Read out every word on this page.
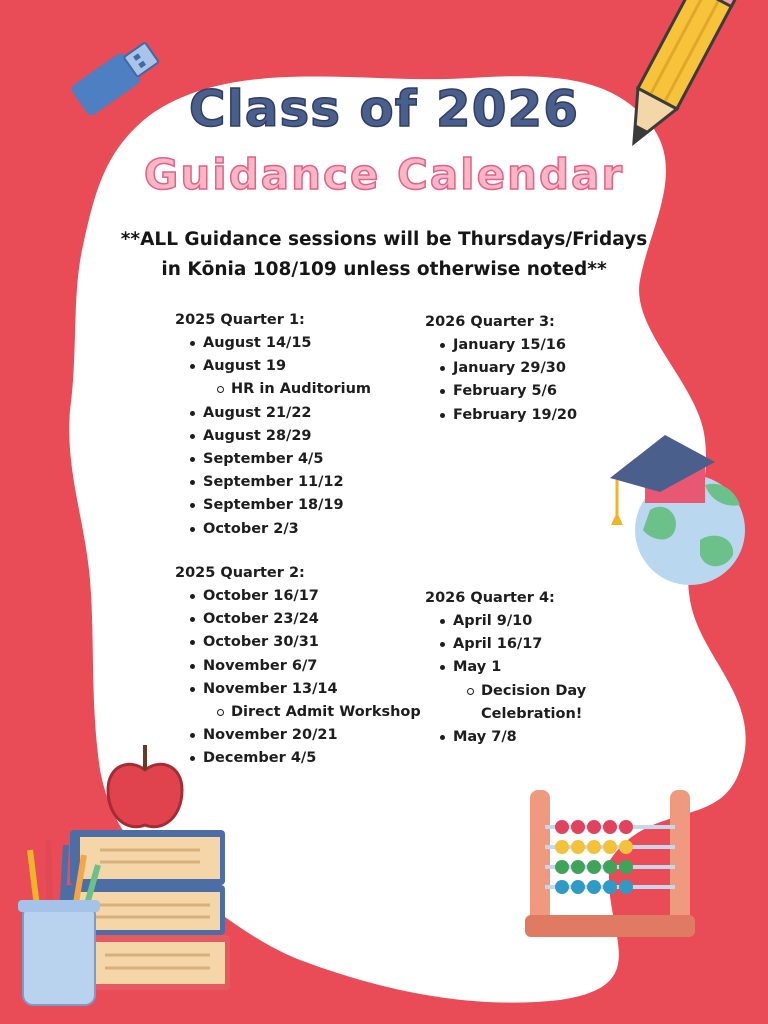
Class of 2026
Guidance Calendar
**ALL Guidance sessions will be Thursdays/Fridays
in Kōnia 108/109 unless otherwise noted**
2025 Quarter 1:
August 14/15
August 19
HR in Auditorium
August 21/22
August 28/29
September 4/5
September 11/12
September 18/19
October 2/3
2025 Quarter 2:
October 16/17
October 23/24
October 30/31
November 6/7
November 13/14
Direct Admit Workshop
November 20/21
December 4/5
2026 Quarter 3:
January 15/16
January 29/30
February 5/6
February 19/20
2026 Quarter 4:
April 9/10
April 16/17
May 1
Decision Day Celebration!
May 7/8
